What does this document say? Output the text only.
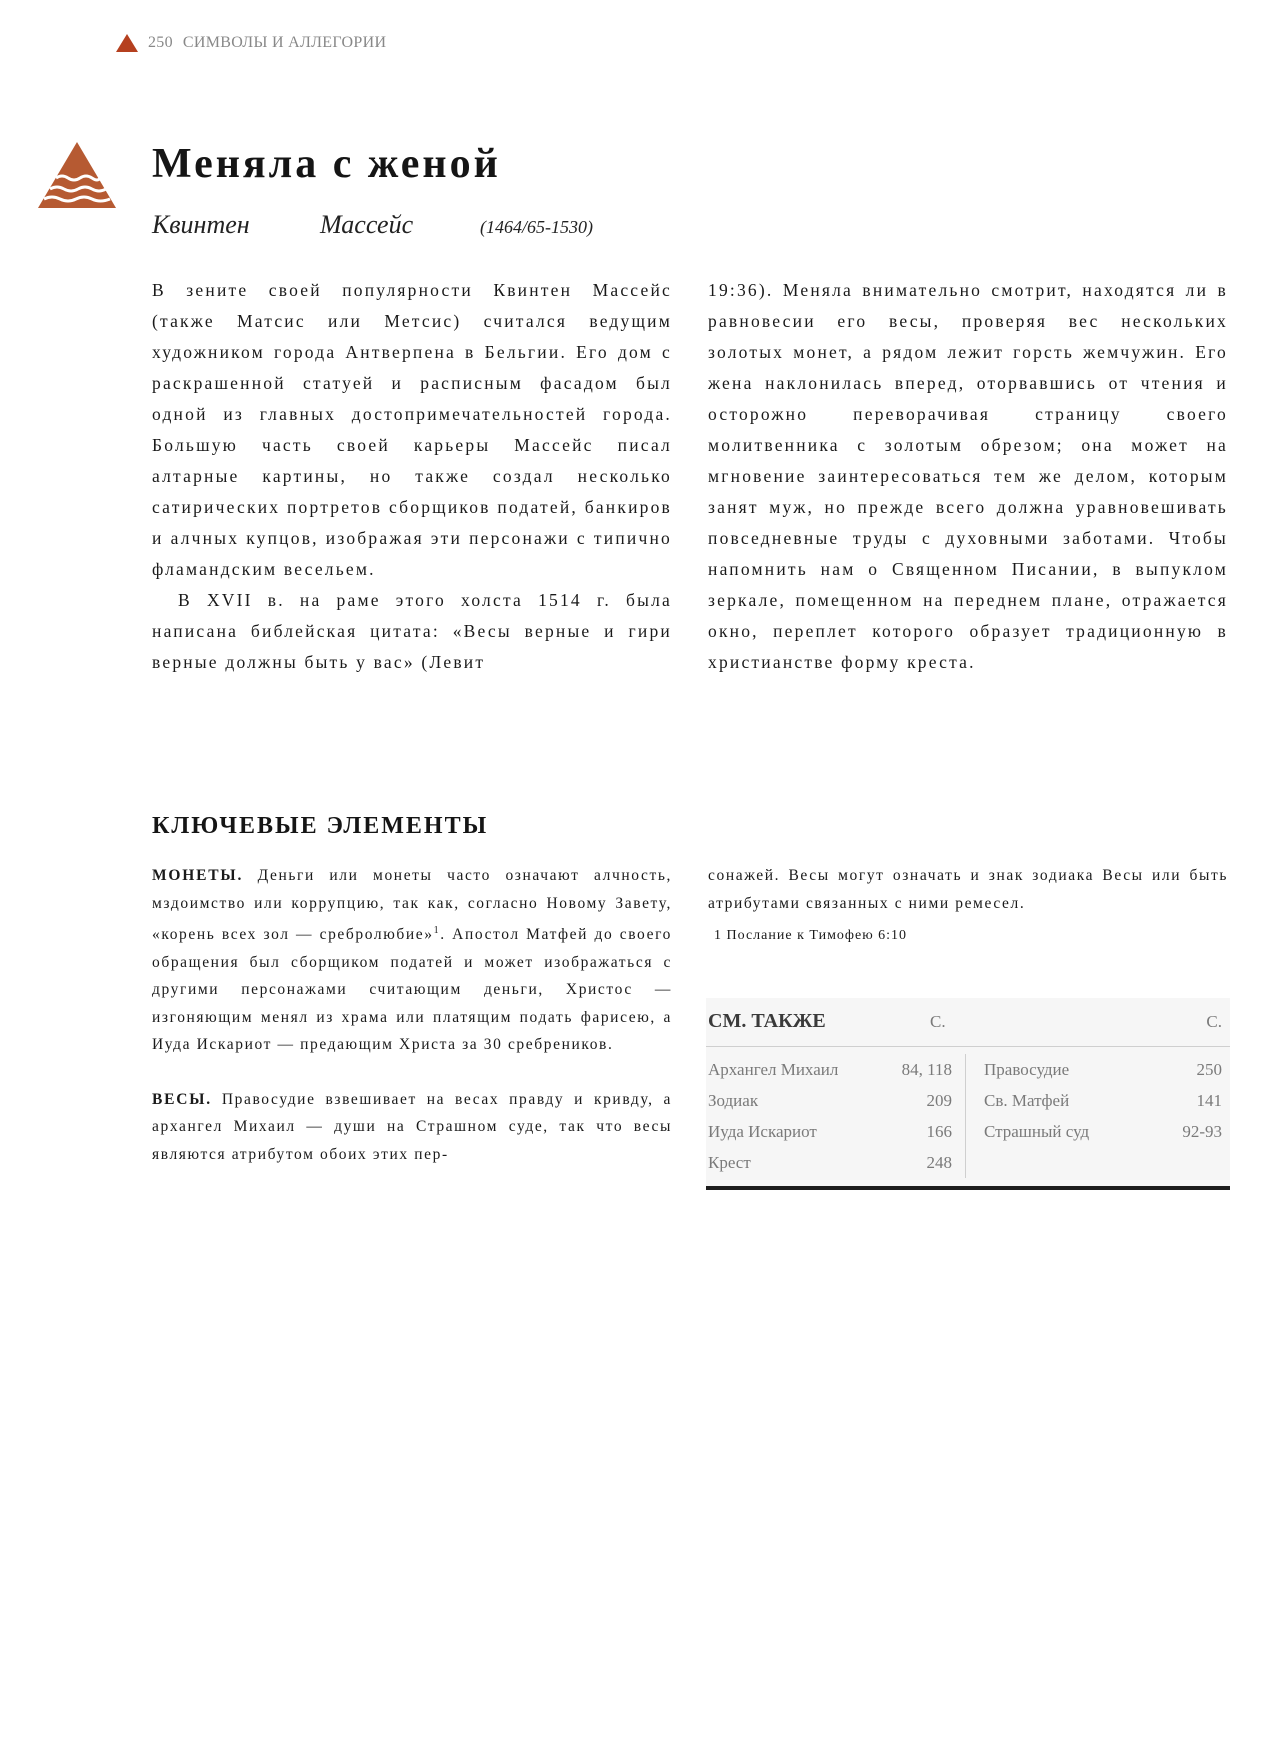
250 СИМВОЛЫ И АЛЛЕГОРИИ
Меняла с женой
Квинтен	Массейс	(1464/65-1530)

В зените своей популярности Квинтен Массейс (также Матсис или Метсис) считался ведущим художником города Антверпена в Бельгии. Его дом с раскрашенной статуей и расписным фасадом был одной из главных достопримечательностей города. Большую часть своей карьеры Массейс писал алтарные картины, но также создал несколько сатирических портретов сборщиков податей, банкиров и алчных купцов, изображая эти персонажи с типично фламандским весельем.

В XVII в. на раме этого холста 1514 г. была написана библейская цитата: «Весы верные и гири верные должны быть у вас» (Левит

19:36). Меняла внимательно смотрит, находятся ли в равновесии его весы, проверяя вес нескольких золотых монет, а рядом лежит горсть жемчужин. Его жена наклонилась вперед, оторвавшись от чтения и осторожно переворачивая страницу своего молитвенника с золотым обрезом; она может на мгновение заинтересоваться тем же делом, которым занят муж, но прежде всего должна уравновешивать повседневные труды с духовными заботами. Чтобы напомнить нам о Священном Писании, в выпуклом зеркале, помещенном на переднем плане, отражается окно, переплет которого образует традиционную в христианстве форму креста.

КЛЮЧЕВЫЕ ЭЛЕМЕНТЫ

МОНЕТЫ. Деньги или монеты часто означают алчность, мздоимство или коррупцию, так как, согласно Новому Завету, «корень всех зол — сребролюбие»$^1$. Апостол Матфей до своего обращения был сборщиком податей и может изображаться с другими персонажами считающим деньги, Христос — изгоняющим менял из храма или платящим подать фарисею, а Иуда Искариот — предающим Христа за 30 сребреников.

ВЕСЫ. Правосудие взвешивает на весах правду и кривду, а архангел Михаил — души на Страшном суде, так что весы являются атрибутом обоих этих пер-

сонажей. Весы могут означать и знак зодиака Весы или быть атрибутами связанных с ними ремесел.

1 Послание к Тимофею 6:10
СМ. ТАКЖЕ	С.	С.
Архангел Михаил	84, 118
Зодиак	209
Иуда Искариот	166
Крест	248
Правосудие	250
Св. Матфей	141
Страшный суд	92-93
